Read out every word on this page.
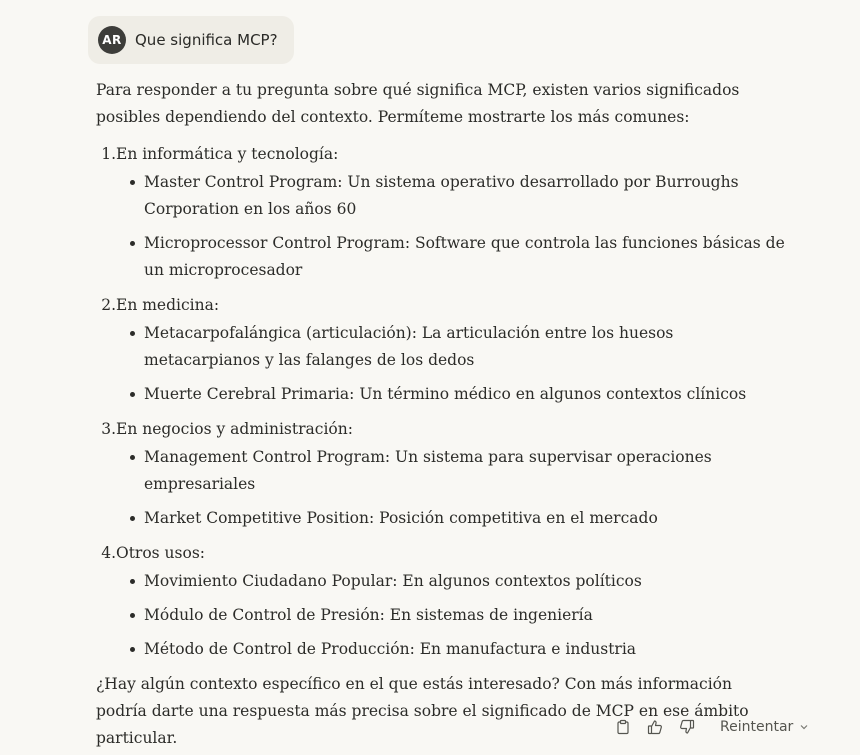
AR Que significa MCP?

Para responder a tu pregunta sobre qué significa MCP, existen varios significados posibles dependiendo del contexto. Permíteme mostrarte los más comunes:

1. En informática y tecnología:
Master Control Program: Un sistema operativo desarrollado por Burroughs Corporation en los años 60
Microprocessor Control Program: Software que controla las funciones básicas de un microprocesador
2. En medicina:
Metacarpofalángica (articulación): La articulación entre los huesos metacarpianos y las falanges de los dedos
Muerte Cerebral Primaria: Un término médico en algunos contextos clínicos
3. En negocios y administración:
Management Control Program: Un sistema para supervisar operaciones empresariales
Market Competitive Position: Posición competitiva en el mercado
4. Otros usos:
Movimiento Ciudadano Popular: En algunos contextos políticos
Módulo de Control de Presión: En sistemas de ingeniería
Método de Control de Producción: En manufactura e industria

¿Hay algún contexto específico en el que estás interesado? Con más información podría darte una respuesta más precisa sobre el significado de MCP en ese ámbito particular.

Reintentar
